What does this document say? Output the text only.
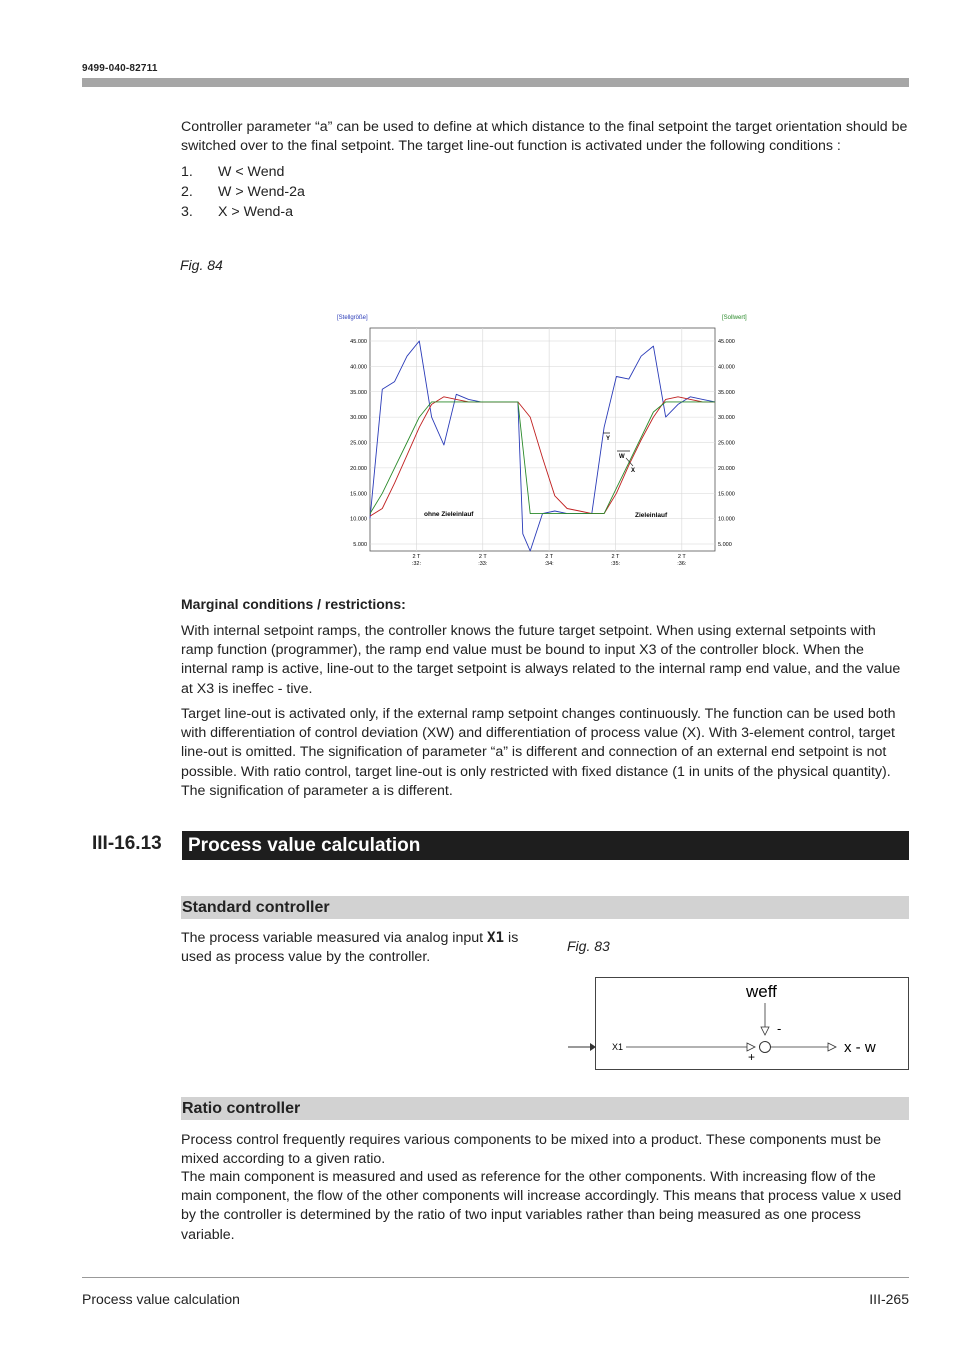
9499-040-82711
Controller parameter “a” can be used to define at which distance to the final setpoint the target orientation should be switched over to the final setpoint. The target line-out function is activated under the following conditions :
1. W < Wend
2. W > Wend-2a
3. X > Wend-a
Fig. 84
45.000
40.000
35.000
30.000
25.000
20.000
15.000
10.000
5.000
45.000
40.000
35.000
30.000
25.000
20.000
15.000
10.000
5.000
2 T
:32:
2 T
:33:
2 T
:34:
2 T
:35:
2 T
:36:
[Stellgröße]	[Sollwert]
ohne Zieleinlauf	Zieleinlauf
Y
W
X
Marginal conditions / restrictions:
With internal setpoint ramps, the controller knows the future target setpoint. When using external setpoints with ramp function (programmer), the ramp end value must be bound to input X3 of the controller block. When the internal ramp is active, line-out to the target setpoint is always related to the internal ramp end value, and the value at X3 is ineffec - tive.
Target line-out is activated only, if the external ramp setpoint changes continuously. The function can be used both with differentiation of control deviation (XW) and differentiation of process value (X). With 3-element control, target line-out is omitted. The signification of parameter “a” is different and connection of an external end setpoint is not possible. With ratio control, target line-out is only restricted with fixed distance (1 in units of the physical quantity). The signification of parameter a is different.
III-16.13	Process value calculation
Standard controller
The process variable measured via analog input X1 is used as process value by the controller.
Fig. 83
weff
-
X1
+
x - w
Ratio controller
Process control frequently requires various components to be mixed into a product. These components must be mixed according to a given ratio.
The main component is measured and used as reference for the other components. With increasing flow of the main component, the flow of the other components will increase accordingly. This means that process value x used by the controller is determined by the ratio of two input variables rather than being measured as one process variable.
Process value calculation	III-265
